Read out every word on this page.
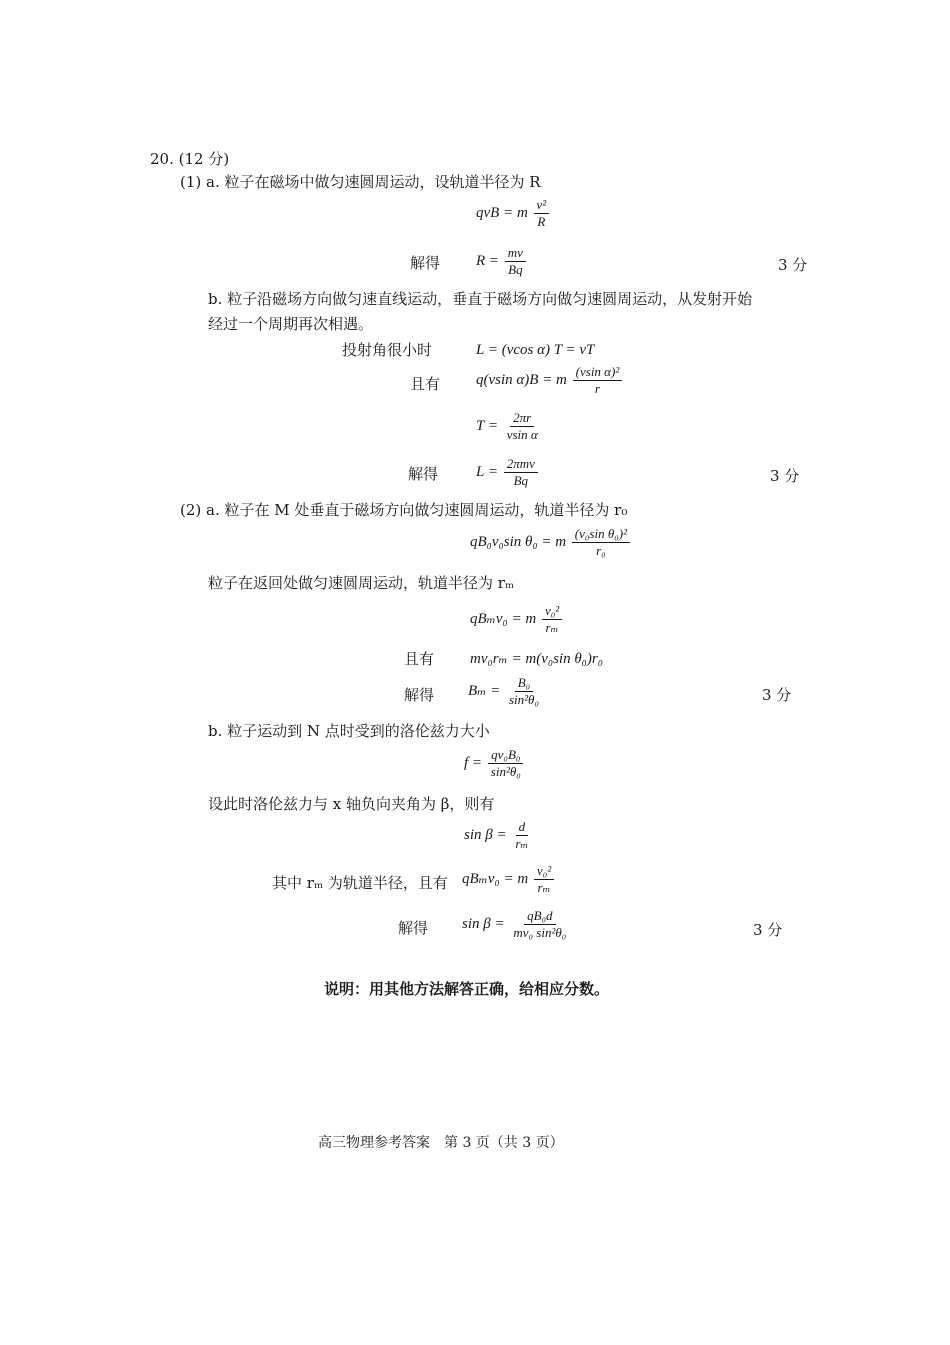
20. (12 分)
(1) a. 粒子在磁场中做匀速圆周运动，设轨道半径为 R
qvB = m $\frac{\text{v²}}{R}$
解得 $R = \frac{mv}{Bq}$	3 分
b. 粒子沿磁场方向做匀速直线运动，垂直于磁场方向做匀速圆周运动，从发射开始
经过一个周期再次相遇。
投射角很小时	L = (vcos α) T = vT
且有 q(vsin α)B = m $\frac{\text{(vsin α)²}}{r}$
$T = \frac{2\pi r}{\text{vsin α}}$
解得	$L = \frac{\text{2πmv}}{Bq}$	3 分
(2) a. 粒子在 M 处垂直于磁场方向做匀速圆周运动，轨道半径为 r₀
qB₀v₀sin θ₀ = m $\frac{\text{(v₀sin θ₀)²}}{\text{r₀}}$
粒子在返回处做匀速圆周运动，轨道半径为 rₘ
qBₘv₀ = m $\frac{\text{v₀²}}{\text{rₘ}}$
且有 mv₀rₘ = m(v₀sin θ₀)r₀
解得 $B_m = \frac{\text{B₀}}{\text{sin²θ₀}}$	3 分
b. 粒子运动到 N 点时受到的洛伦兹力大小
$f = \frac{\text{qv₀B₀}}{\text{sin²θ₀}}$
设此时洛伦兹力与 x 轴负向夹角为 β，则有
$\sin \beta = \frac{d}{\text{rₘ}}$
其中 rₘ 为轨道半径，且有 qBₘv₀ = m $\frac{\text{v₀²}}{\text{rₘ}}$
解得 $\sin \beta = \frac{\text{qB₀d}}{\text{mv₀ sin²θ₀}}$	3 分
说明：用其他方法解答正确，给相应分数。
高三物理参考答案　第 3 页（共 3 页）
